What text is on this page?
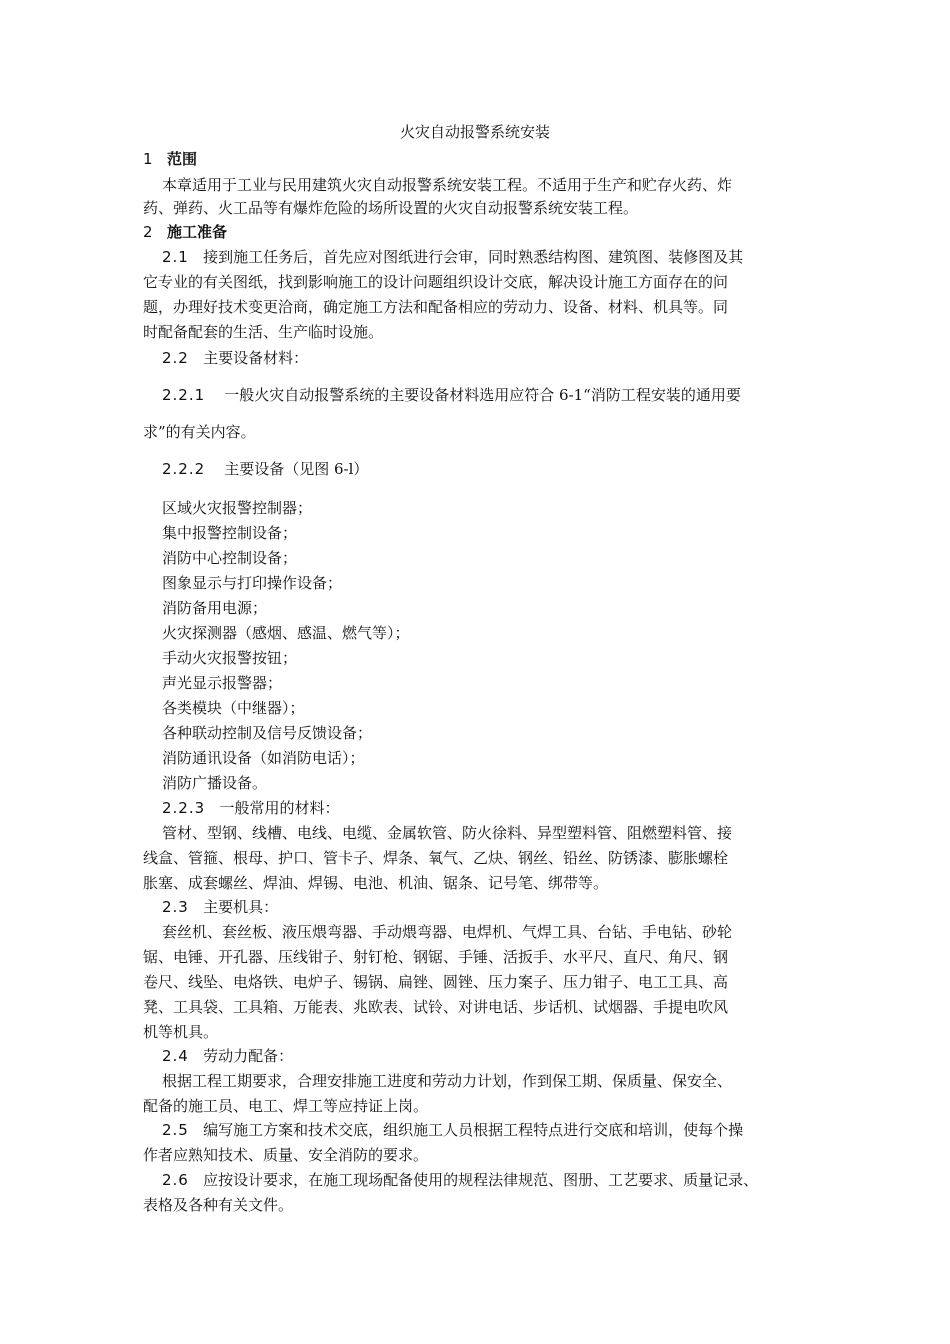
火灾自动报警系统安装
1 范围
本章适用于工业与民用建筑火灾自动报警系统安装工程。不适用于生产和贮存火药、炸
药、弹药、火工品等有爆炸危险的场所设置的火灾自动报警系统安装工程。
2 施工准备
2.1 接到施工任务后，首先应对图纸进行会审，同时熟悉结构图、建筑图、装修图及其
它专业的有关图纸，找到影响施工的设计问题组织设计交底，解决设计施工方面存在的问
题，办理好技术变更洽商，确定施工方法和配备相应的劳动力、设备、材料、机具等。同
时配备配套的生活、生产临时设施。
2.2 主要设备材料：
2.2.1 一般火灾自动报警系统的主要设备材料选用应符合 6-1“消防工程安装的通用要
求”的有关内容。
2.2.2 主要设备（见图 6-l）
区域火灾报警控制器；
集中报警控制设备；
消防中心控制设备；
图象显示与打印操作设备；
消防备用电源；
火灾探测器（感烟、感温、燃气等）；
手动火灾报警按钮；
声光显示报警器；
各类模块（中继器）；
各种联动控制及信号反馈设备；
消防通讯设备（如消防电话）；
消防广播设备。
2.2.3 一般常用的材料：
管材、型钢、线槽、电线、电缆、金属软管、防火徐料、异型塑料管、阻燃塑料管、接
线盒、管箍、根母、护口、管卡子、焊条、氧气、乙炔、钢丝、铅丝、防锈漆、膨胀螺栓
胀塞、成套螺丝、焊油、焊锡、电池、机油、锯条、记号笔、绑带等。
2.3 主要机具：
套丝机、套丝板、液压煨弯器、手动煨弯器、电焊机、气焊工具、台钻、手电钻、砂轮
锯、电锤、开孔器、压线钳子、射钉枪、钢锯、手锤、活扳手、水平尺、直尺、角尺、钢
卷尺、线坠、电烙铁、电炉子、锡锅、扁锉、圆锉、压力案子、压力钳子、电工工具、高
凳、工具袋、工具箱、万能表、兆欧表、试铃、对讲电话、步话机、试烟器、手提电吹风
机等机具。
2.4 劳动力配备：
根据工程工期要求，合理安排施工进度和劳动力计划，作到保工期、保质量、保安全、
配备的施工员、电工、焊工等应持证上岗。
2.5 编写施工方案和技术交底，组织施工人员根据工程特点进行交底和培训，使每个操
作者应熟知技术、质量、安全消防的要求。
2.6 应按设计要求，在施工现场配备使用的规程法律规范、图册、工艺要求、质量记录、
表格及各种有关文件。
